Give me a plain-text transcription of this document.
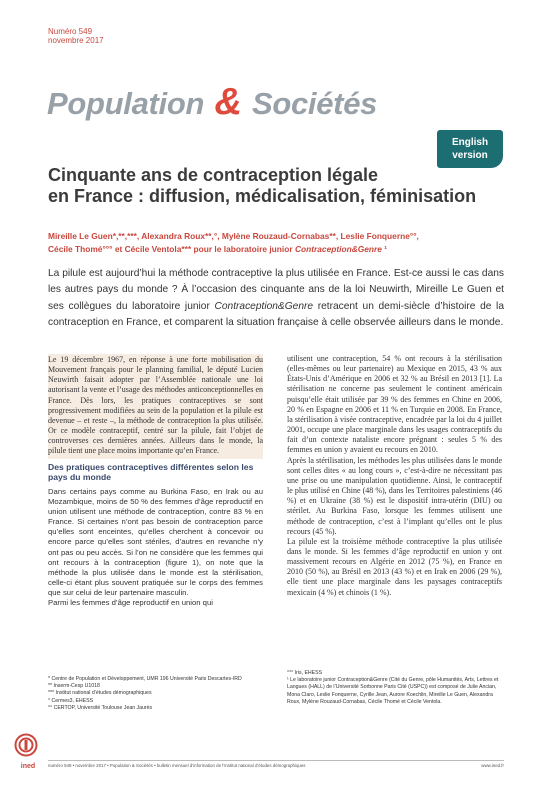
Numéro 549
novembre 2017
Population & Sociétés
English
version
Cinquante ans de contraception légale
en France : diffusion, médicalisation, féminisation
Mireille Le Guen*,**,***, Alexandra Roux**,°, Mylène Rouzaud-Cornabas**, Leslie Fonquerne°°,
Cécile Thomé°°° et Cécile Ventola*** pour le laboratoire junior Contraception&Genre ¹
La pilule est aujourd’hui la méthode contraceptive la plus utilisée en France. Est-ce aussi le cas dans les autres pays du monde ? À l’occasion des cinquante ans de la loi Neuwirth, Mireille Le Guen et ses collègues du laboratoire junior Contraception&Genre retracent un demi-siècle d’histoire de la contraception en France, et comparent la situation française à celle observée ailleurs dans le monde.

Le 19 décembre 1967, en réponse à une forte mobilisation du Mouvement français pour le planning familial, le député Lucien Neuwirth faisait adopter par l’Assemblée nationale une loi autorisant la vente et l’usage des méthodes anticonceptionnelles en France. Dès lors, les pratiques contraceptives se sont progressivement modifiées au sein de la population et la pilule est devenue – et reste –, la méthode de contraception la plus utilisée. Or ce modèle contraceptif, centré sur la pilule, fait l’objet de controverses ces dernières années. Ailleurs dans le monde, la pilule tient une place moins importante qu’en France.

Des pratiques contraceptives différentes selon les pays du monde

Dans certains pays comme au Burkina Faso, en Irak ou au Mozambique, moins de 50 % des femmes d’âge reproductif en union utilisent une méthode de contraception, contre 83 % en France. Si certaines n’ont pas besoin de contraception parce qu’elles sont enceintes, qu’elles cherchent à concevoir ou encore parce qu’elles sont stériles, d’autres en revanche n’y ont pas ou peu accès. Si l’on ne considère que les femmes qui ont recours à la contraception (figure 1), on note que la méthode la plus utilisée dans le monde est la stérilisation, celle-ci étant plus souvent pratiquée sur le corps des femmes que sur celui de leur partenaire masculin.

Parmi les femmes d’âge reproductif en union qui

utilisent une contraception, 54 % ont recours à la stérilisation (elles-mêmes ou leur partenaire) au Mexique en 2015, 43 % aux États-Unis d’Amérique en 2006 et 32 % au Brésil en 2013 [1]. La stérilisation ne concerne pas seulement le continent américain puisqu’elle était utilisée par 39 % des femmes en Chine en 2006, 20 % en Espagne en 2006 et 11 % en Turquie en 2008. En France, la stérilisation à visée contraceptive, encadrée par la loi du 4 juillet 2001, occupe une place marginale dans les usages contraceptifs du fait d’un contexte nataliste encore prégnant : seules 5 % des femmes en union y avaient eu recours en 2010.

Après la stérilisation, les méthodes les plus utilisées dans le monde sont celles dites « au long cours », c’est-à-dire ne nécessitant pas une prise ou une manipulation quotidienne. Ainsi, le contraceptif le plus utilisé en Chine (48 %), dans les Territoires palestiniens (46 %) et en Ukraine (38 %) est le dispositif intra-utérin (DIU) ou stérilet. Au Burkina Faso, lorsque les femmes utilisent une méthode de contraception, c’est à l’implant qu’elles ont le plus recours (45 %).

La pilule est la troisième méthode contraceptive la plus utilisée dans le monde. Si les femmes d’âge reproductif en union y ont massivement recours en Algérie en 2012 (75 %), en France en 2010 (50 %), au Brésil en 2013 (43 %) et en Irak en 2006 (29 %), elle tient une place marginale dans les paysages contraceptifs mexicain (4 %) et chinois (1 %).

* Centre de Population et Développement, UMR 196 Université Paris Descartes-IRD
** Inserm-Cesp U1018
*** Institut national d’études démographiques
° Cermes3, EHESS
°° CERTOP, Université Toulouse Jean Jaurès
°°° Iris, EHESS
¹ Le laboratoire junior Contraception&Genre (Cité du Genre, pôle Humanités, Arts, Lettres et Langues (HALL) de l’Université Sorbonne Paris Cité (USPC)) est composé de Julie Ancian, Mona Claro, Leslie Fonquerne, Cyrille Jean, Aurore Koechlin, Mireille Le Guen, Alexandra Roux, Mylène Rouzaud-Cornabas, Cécile Thomé et Cécile Ventola.
ined	numéro 549 • novembre 2017 • Population & Sociétés • bulletin mensuel d’information de l’Institut national d’études démographiques	www.ined.fr
